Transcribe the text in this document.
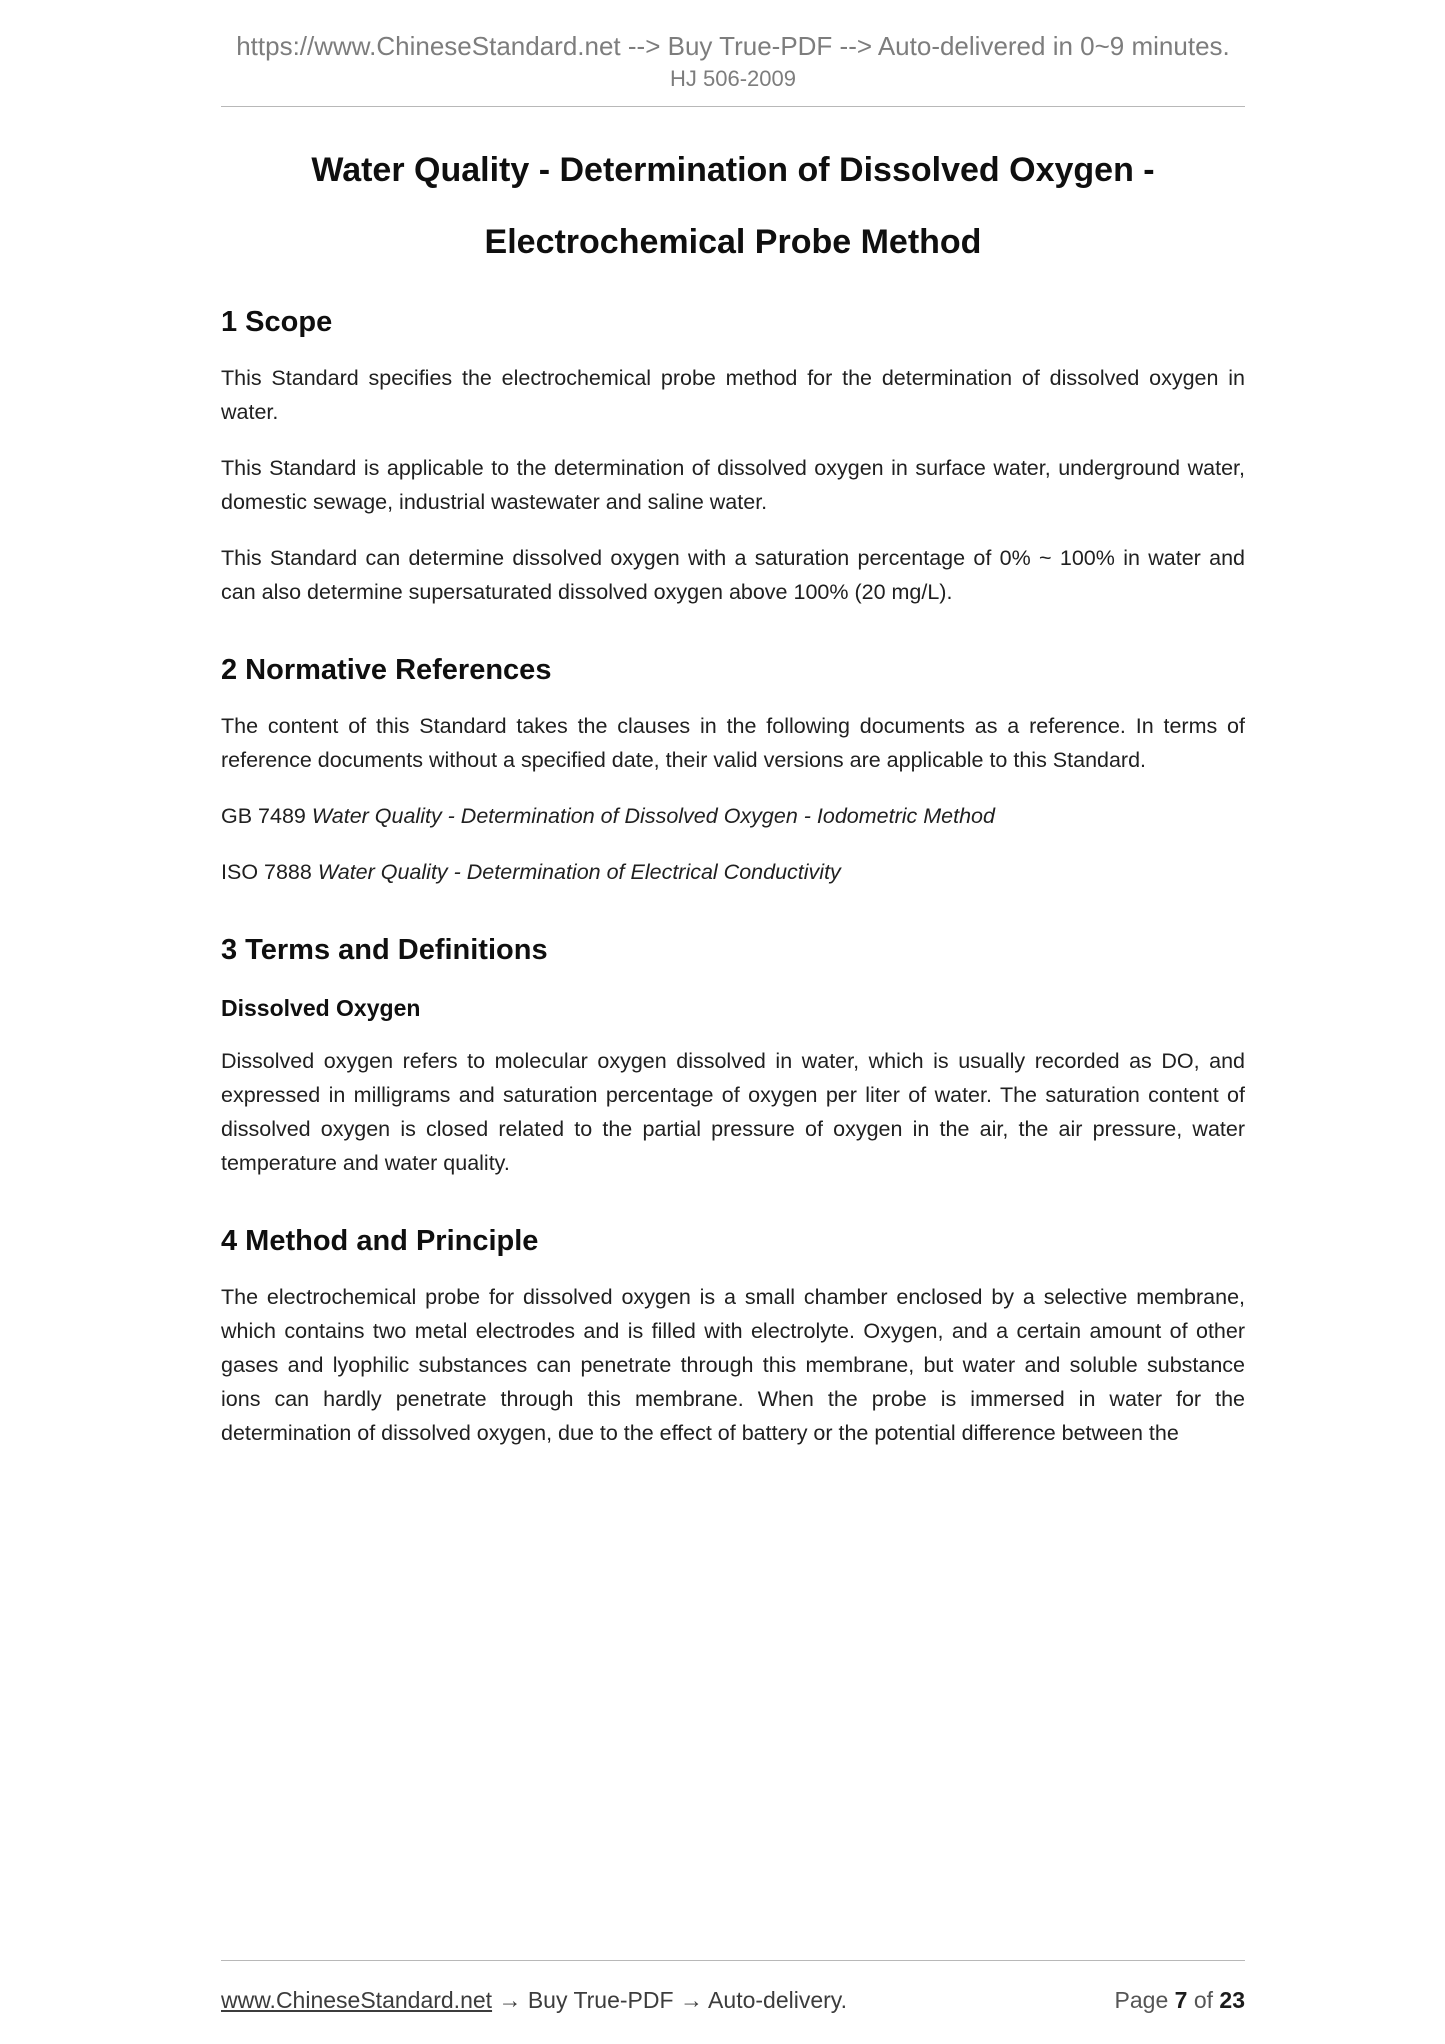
https://www.ChineseStandard.net --> Buy True-PDF --> Auto-delivered in 0~9 minutes.
HJ 506-2009
Water Quality - Determination of Dissolved Oxygen -
Electrochemical Probe Method
1 Scope

This Standard specifies the electrochemical probe method for the determination of dissolved oxygen in water.

This Standard is applicable to the determination of dissolved oxygen in surface water, underground water, domestic sewage, industrial wastewater and saline water.

This Standard can determine dissolved oxygen with a saturation percentage of 0% ~ 100% in water and can also determine supersaturated dissolved oxygen above 100% (20 mg/L).

2 Normative References

The content of this Standard takes the clauses in the following documents as a reference. In terms of reference documents without a specified date, their valid versions are applicable to this Standard.

GB 7489 Water Quality - Determination of Dissolved Oxygen - Iodometric Method

ISO 7888 Water Quality - Determination of Electrical Conductivity

3 Terms and Definitions
Dissolved Oxygen

Dissolved oxygen refers to molecular oxygen dissolved in water, which is usually recorded as DO, and expressed in milligrams and saturation percentage of oxygen per liter of water. The saturation content of dissolved oxygen is closed related to the partial pressure of oxygen in the air, the air pressure, water temperature and water quality.

4 Method and Principle

The electrochemical probe for dissolved oxygen is a small chamber enclosed by a selective membrane, which contains two metal electrodes and is filled with electrolyte. Oxygen, and a certain amount of other gases and lyophilic substances can penetrate through this membrane, but water and soluble substance ions can hardly penetrate through this membrane. When the probe is immersed in water for the determination of dissolved oxygen, due to the effect of battery or the potential difference between the

www.ChineseStandard.net → Buy True-PDF → Auto-delivery.	Page 7 of 23
